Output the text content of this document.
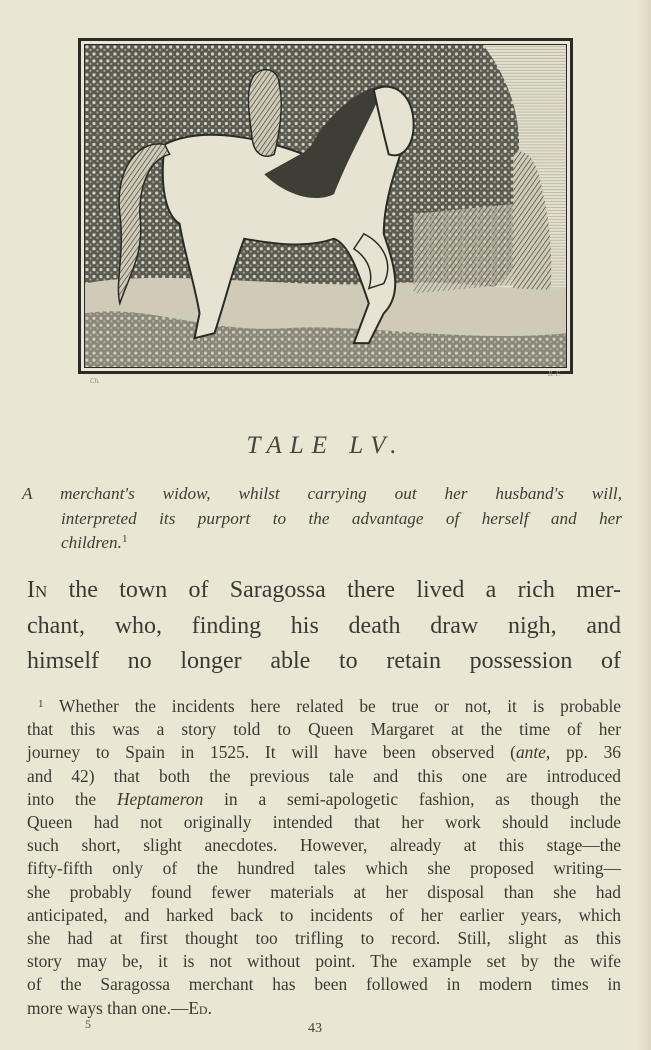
Ch.
B. F.
TALE LV.
A merchant's widow, whilst carrying out her husband's will,
interpreted its purport to the advantage of herself and her
children.$^1$
In the town of Saragossa there lived a rich mer-
chant, who, finding his death draw nigh, and
himself no longer able to retain possession of
$^1$ Whether the incidents here related be true or not, it is probable
that this was a story told to Queen Margaret at the time of her
journey to Spain in 1525. It will have been observed (ante, pp. 36
and 42) that both the previous tale and this one are introduced
into the Heptameron in a semi-apologetic fashion, as though the
Queen had not originally intended that her work should include
such short, slight anecdotes. However, already at this stage—the
fifty-fifth only of the hundred tales which she proposed writing—
she probably found fewer materials at her disposal than she had
anticipated, and harked back to incidents of her earlier years, which
she had at first thought too trifling to record. Still, slight as this
story may be, it is not without point. The example set by the wife
of the Saragossa merchant has been followed in modern times in
more ways than one.—Ed.
5	43
